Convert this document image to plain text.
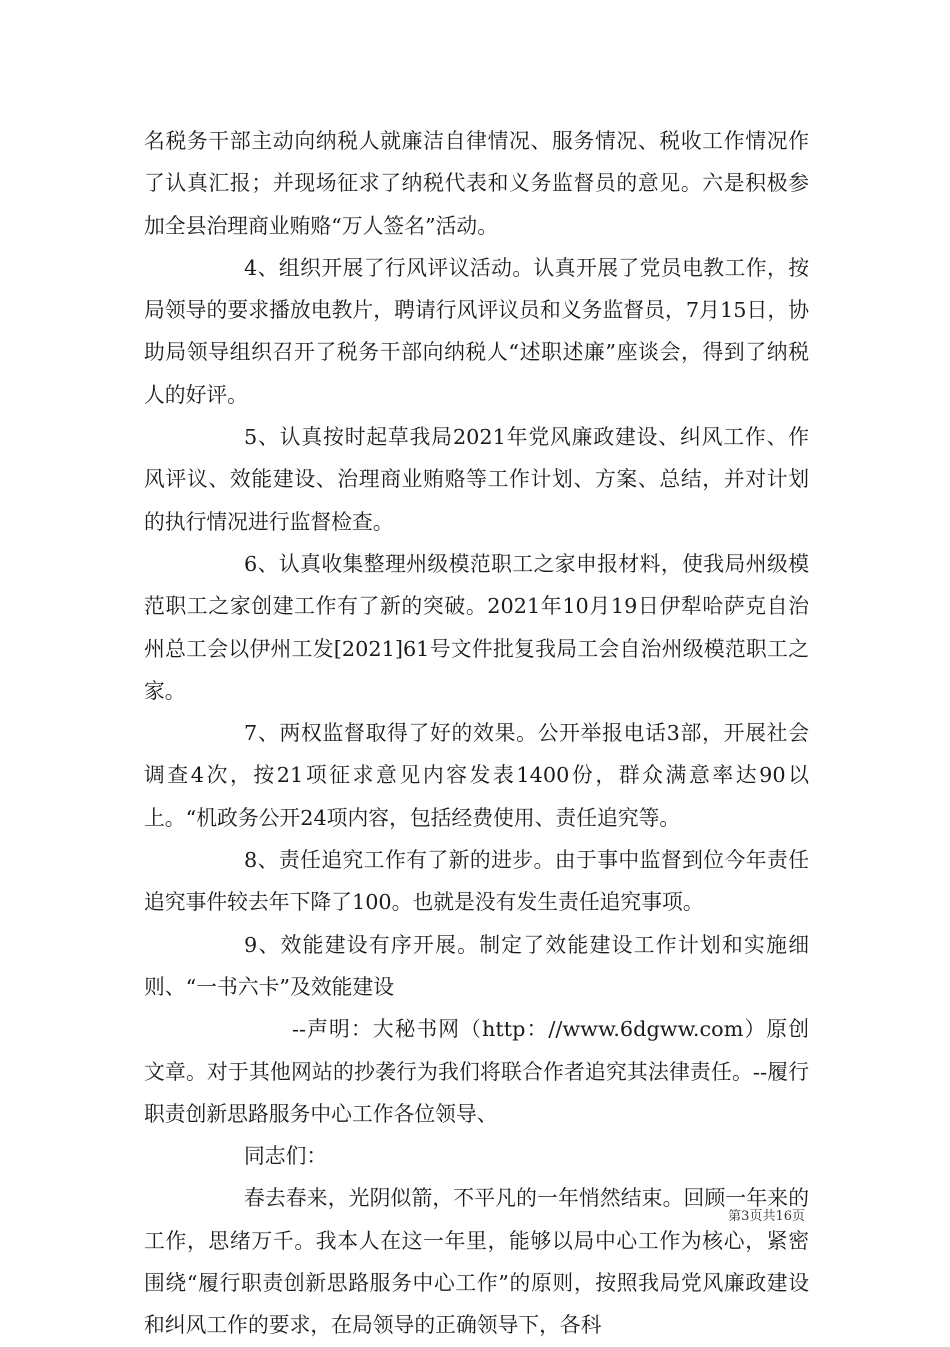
名税务干部主动向纳税人就廉洁自律情况、服务情况、税收工作情况作了认真汇报；并现场征求了纳税代表和义务监督员的意见。六是积极参加全县治理商业贿赂“万人签名”活动。

4、组织开展了行风评议活动。认真开展了党员电教工作，按局领导的要求播放电教片，聘请行风评议员和义务监督员，7月15日，协助局领导组织召开了税务干部向纳税人“述职述廉”座谈会，得到了纳税人的好评。

5、认真按时起草我局2021年党风廉政建设、纠风工作、作风评议、效能建设、治理商业贿赂等工作计划、方案、总结，并对计划的执行情况进行监督检查。

6、认真收集整理州级模范职工之家申报材料，使我局州级模范职工之家创建工作有了新的突破。2021年10月19日伊犁哈萨克自治州总工会以伊州工发[2021]61号文件批复我局工会自治州级模范职工之家。

7、两权监督取得了好的效果。公开举报电话3部，开展社会调查4次，按21项征求意见内容发表1400份，群众满意率达90以上。“机政务公开24项内容，包括经费使用、责任追究等。

8、责任追究工作有了新的进步。由于事中监督到位今年责任追究事件较去年下降了100。也就是没有发生责任追究事项。

9、效能建设有序开展。制定了效能建设工作计划和实施细则、“一书六卡”及效能建设

--声明：大秘书网（http：//www.6dgww.com）原创文章。对于其他网站的抄袭行为我们将联合作者追究其法律责任。--履行职责创新思路服务中心工作各位领导、

同志们：

春去春来，光阴似箭，不平凡的一年悄然结束。回顾一年来的工作，思绪万千。我本人在这一年里，能够以局中心工作为核心，紧密围绕“履行职责创新思路服务中心工作”的原则，按照我局党风廉政建设和纠风工作的要求，在局领导的正确领导下，各科

第3页共16页
